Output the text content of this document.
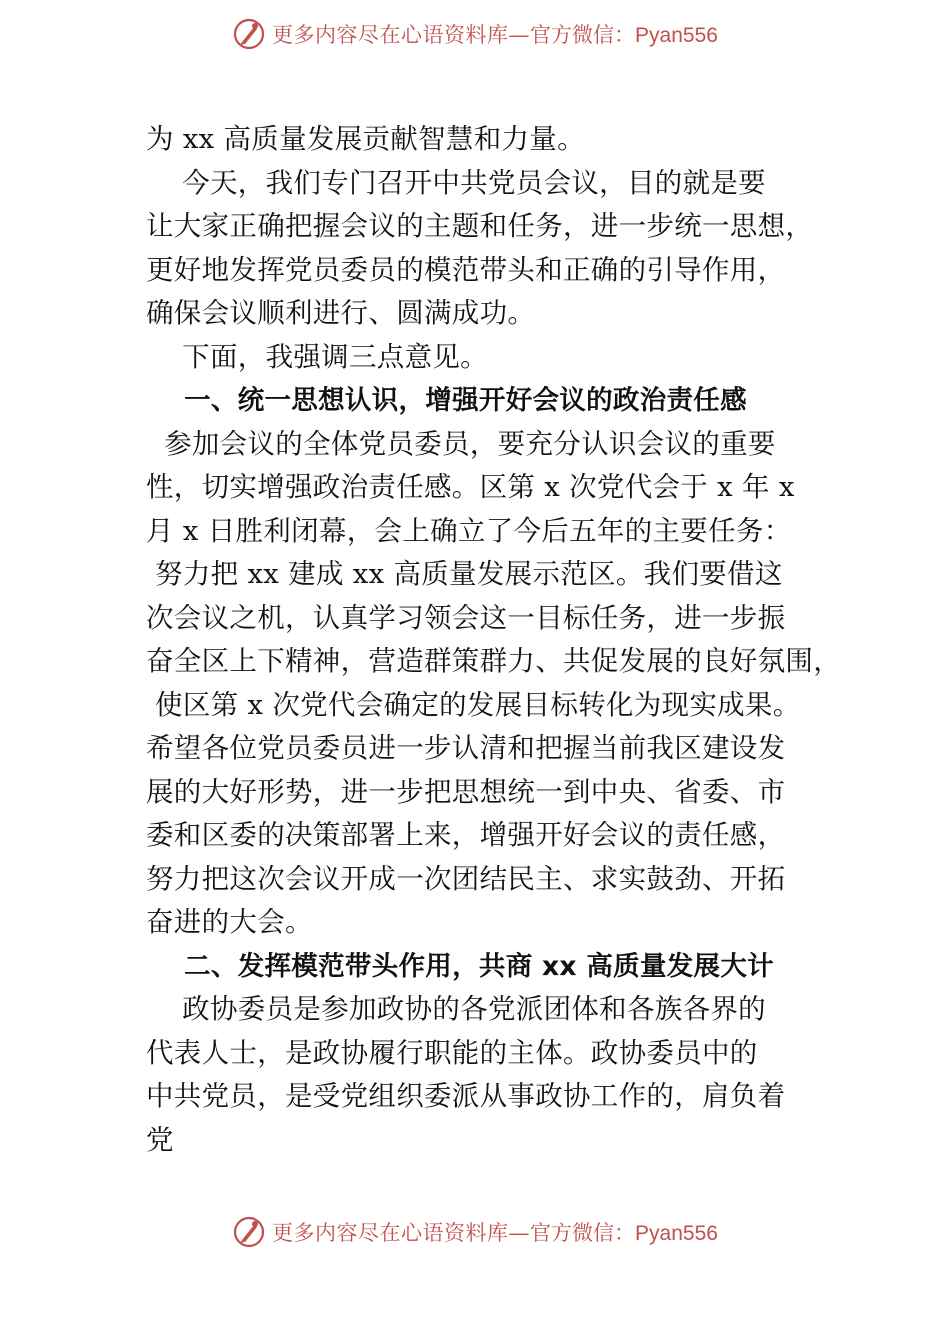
更多内容尽在心语资料库— 官方微信：Pyan556
为 xx 高质量发展贡献智慧和力量。
今天，我们专门召开中共党员会议，目的就是要
让大家正确把握会议的主题和任务，进一步统一思想，
更好地发挥党员委员的模范带头和正确的引导作用，
确保会议顺利进行、圆满成功。
下面，我强调三点意见。
一、统一思想认识，增强开好会议的政治责任感
参加会议的全体党员委员，要充分认识会议的重要
性，切实增强政治责任感。区第 x 次党代会于 x 年 x
月 x 日胜利闭幕，会上确立了今后五年的主要任务：
努力把 xx 建成 xx 高质量发展示范区。我们要借这
次会议之机，认真学习领会这一目标任务，进一步振
奋全区上下精神，营造群策群力、共促发展的良好氛围，
使区第 x 次党代会确定的发展目标转化为现实成果。
希望各位党员委员进一步认清和把握当前我区建设发
展的大好形势，进一步把思想统一到中央、省委、市
委和区委的决策部署上来，增强开好会议的责任感，
努力把这次会议开成一次团结民主、求实鼓劲、开拓
奋进的大会。
二、发挥模范带头作用，共商 xx 高质量发展大计
政协委员是参加政协的各党派团体和各族各界的
代表人士，是政协履行职能的主体。政协委员中的
中共党员，是受党组织委派从事政协工作的，肩负着
党
更多内容尽在心语资料库— 官方微信：Pyan556
